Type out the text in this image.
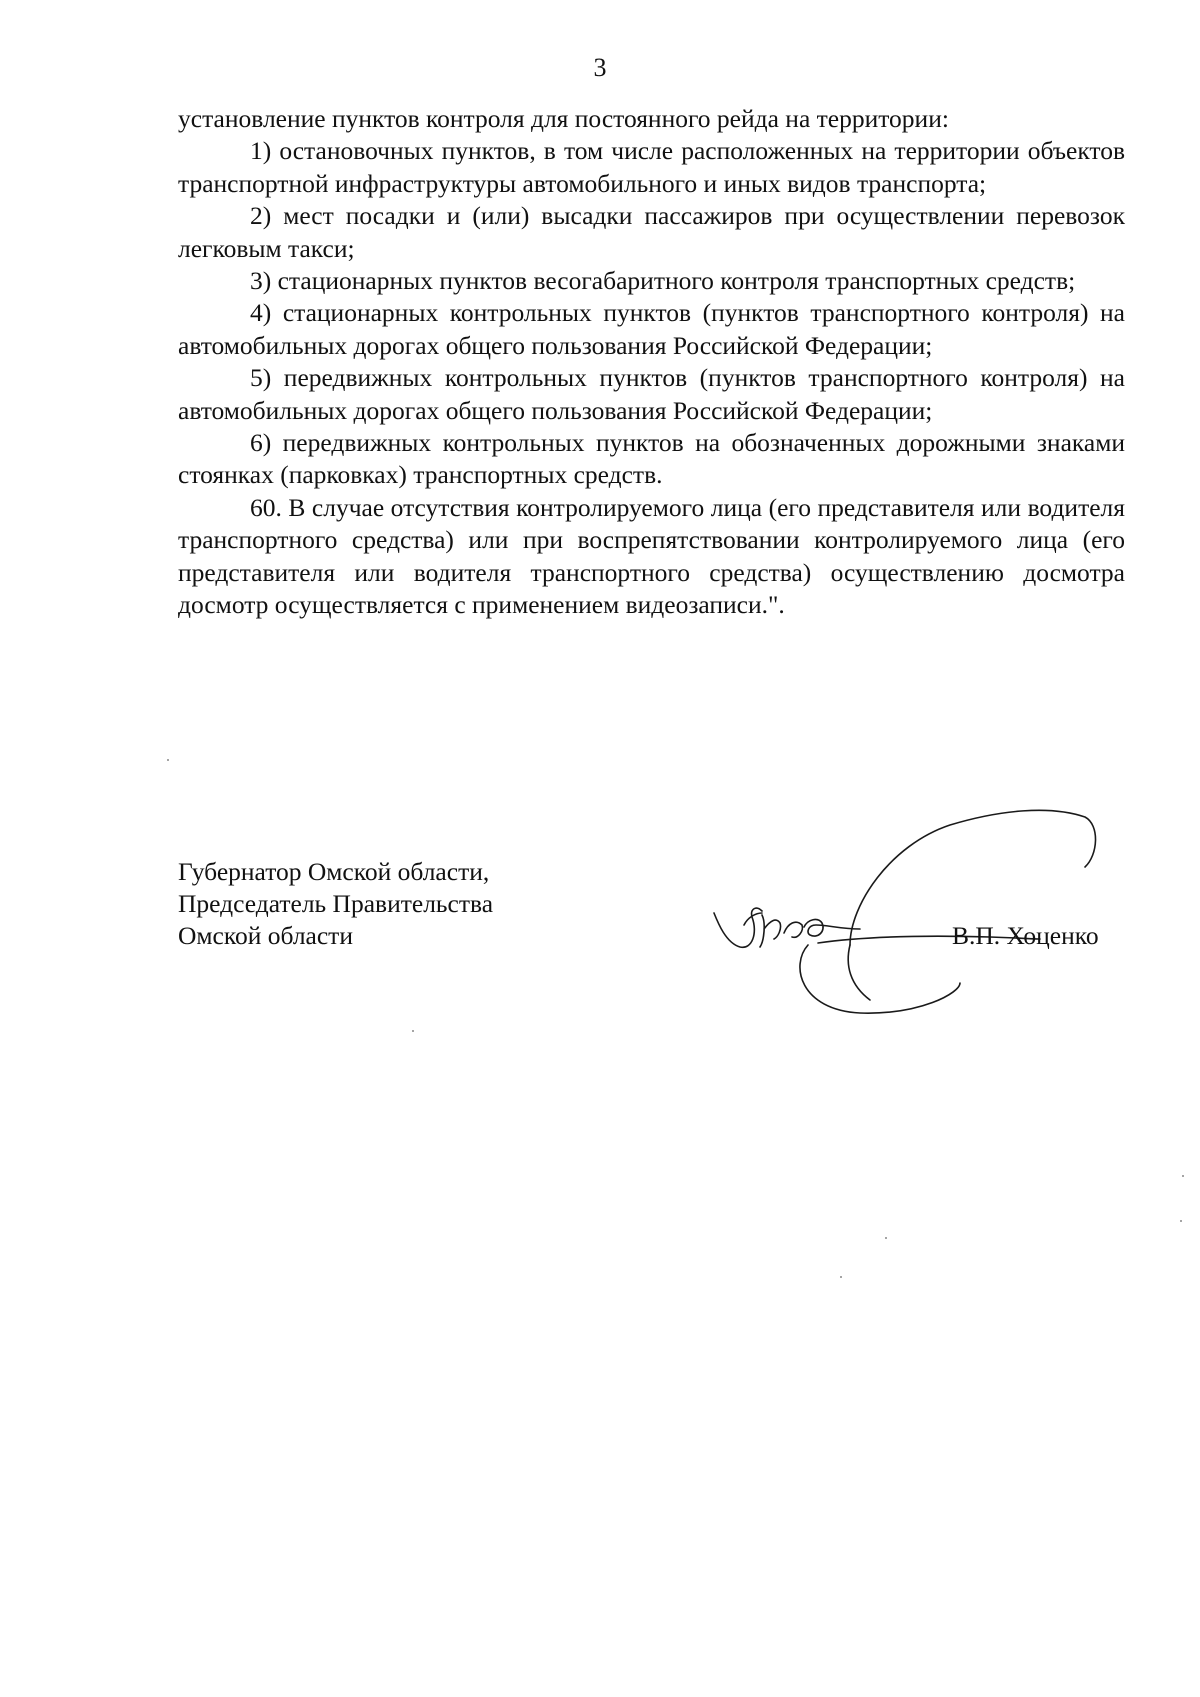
3

установление пунктов контроля для постоянного рейда на территории:

1) остановочных пунктов, в том числе расположенных на территории объектов транспортной инфраструктуры автомобильного и иных видов транспорта;

2) мест посадки и (или) высадки пассажиров при осуществлении перевозок легковым такси;

3) стационарных пунктов весогабаритного контроля транспортных средств;

4) стационарных контрольных пунктов (пунктов транспортного контроля) на автомобильных дорогах общего пользования Российской Федерации;

5) передвижных контрольных пунктов (пунктов транспортного контроля) на автомобильных дорогах общего пользования Российской Федерации;

6) передвижных контрольных пунктов на обозначенных дорожными знаками стоянках (парковках) транспортных средств.

60. В случае отсутствия контролируемого лица (его представителя или водителя транспортного средства) или при воспрепятствовании контролируемого лица (его представителя или водителя транспортного средства) осуществлению досмотра досмотр осуществляется с применением видеозаписи.".

Губернатор Омской области,
Председатель Правительства
Омской области	В.П. Хоценко
